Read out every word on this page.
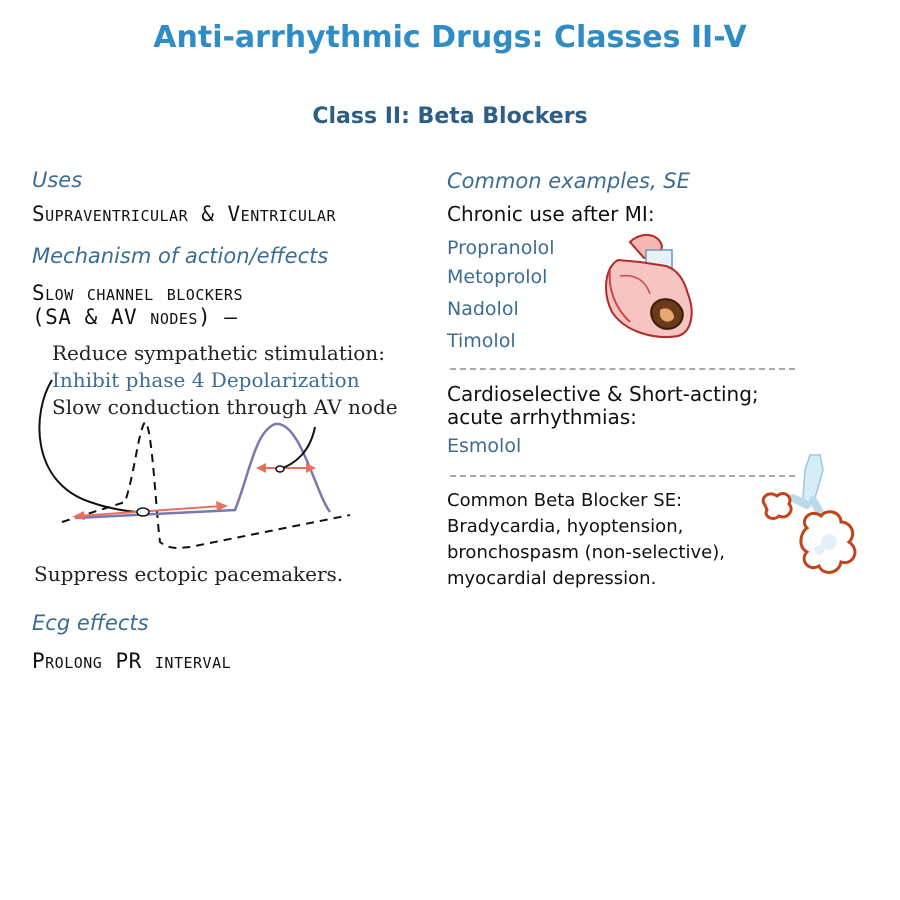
Anti-arrhythmic Drugs: Classes II-V
Class II: Beta Blockers
Uses
Supraventricular & Ventricular
Mechanism of action/effects
Slow channel blockers
(SA & AV nodes) —
Reduce sympathetic stimulation:
Inhibit phase 4 Depolarization
Slow conduction through AV node
Suppress ectopic pacemakers.
Ecg effects
Prolong PR interval
Common examples, SE
Chronic use after MI:
Propranolol
Metoprolol
Nadolol
Timolol
Cardioselective & Short-acting;
acute arrhythmias:
Esmolol
Common Beta Blocker SE:
Bradycardia, hyoptension,
bronchospasm (non-selective),
myocardial depression.
